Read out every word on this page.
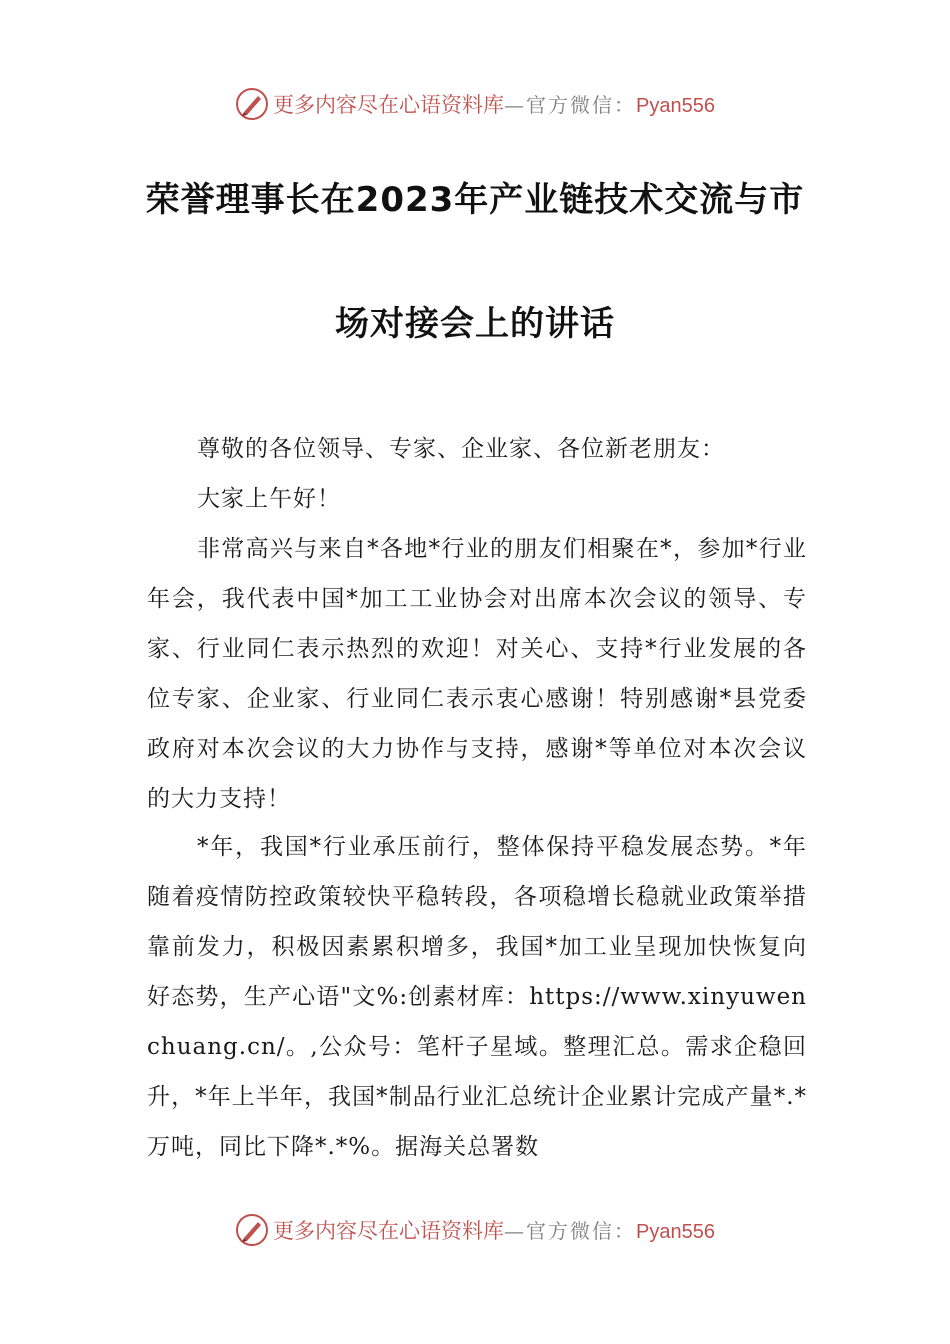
更多内容尽在心语资料库—官方微信：Pyan556
荣誉理事长在2023年产业链技术交流与市
场对接会上的讲话
尊敬的各位领导、专家、企业家、各位新老朋友：
大家上午好！
非常高兴与来自*各地*行业的朋友们相聚在*，参加*行业年会，我代表中国*加工工业协会对出席本次会议的领导、专家、行业同仁表示热烈的欢迎！对关心、支持*行业发展的各位专家、企业家、行业同仁表示衷心感谢！特别感谢*县党委政府对本次会议的大力协作与支持，感谢*等单位对本次会议的大力支持！
*年，我国*行业承压前行，整体保持平稳发展态势。*年随着疫情防控政策较快平稳转段，各项稳增长稳就业政策举措靠前发力，积极因素累积增多，我国*加工业呈现加快恢复向好态势，生产心语"文%:创素材库：https://www.xinyuwenchuang.cn/。,公众号：笔杆子星域。整理汇总。需求企稳回升，*年上半年，我国*制品行业汇总统计企业累计完成产量*.*万吨，同比下降*.*%。据海关总署数
更多内容尽在心语资料库—官方微信：Pyan556
